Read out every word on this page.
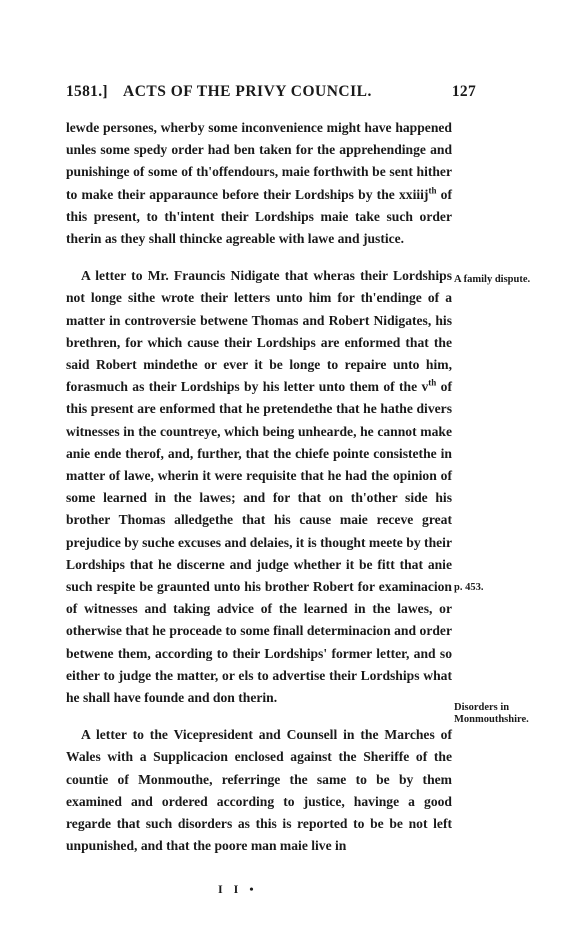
1581.] ACTS OF THE PRIVY COUNCIL.	127

lewde persones, wherby some inconvenience might have happened unles some spedy order had ben taken for the apprehendinge and punishinge of some of th'offendours, maie forthwith be sent hither to make their apparaunce before their Lordships by the xxiiij$^{th}$ of this present, to th'intent their Lordships maie take such order therin as they shall thincke agreable with lawe and justice.

A letter to Mr. Frauncis Nidigate that wheras their Lordships not longe sithe wrote their letters unto him for th'endinge of a matter in controversie betwene Thomas and Robert Nidigates, his brethren, for which cause their Lordships are enformed that the said Robert mindethe or ever it be longe to repaire unto him, forasmuch as their Lordships by his letter unto them of the $v^{th}$ of this present are enformed that he pretendethe that he hathe divers witnesses in the countreye, which being unhearde, he cannot make anie ende therof, and, further, that the chiefe pointe consistethe in matter of lawe, wherin it were requisite that he had the opinion of some learned in the lawes; and for that on th'other side his brother Thomas alledgethe that his cause maie receve great prejudice by suche excuses and delaies, it is thought meete by their Lordships that he discerne and judge whether it be fitt that anie such respite be graunted unto his brother Robert for examinacion of witnesses and taking advice of the learned in the lawes, or otherwise that he proceade to some finall determinacion and order betwene them, according to their Lordships' former letter, and so either to judge the matter, or els to advertise their Lordships what he shall have founde and don therin.

A letter to the Vicepresident and Counsell in the Marches of Wales with a Supplicacion enclosed against the Sheriffe of the countie of Monmouthe, referringe the same to be by them examined and ordered according to justice, havinge a good regarde that such disorders as this is reported to be be not left unpunished, and that the poore man maie live in

A family dispute.
p. 453.
Disorders in Monmouthshire.
I I •
